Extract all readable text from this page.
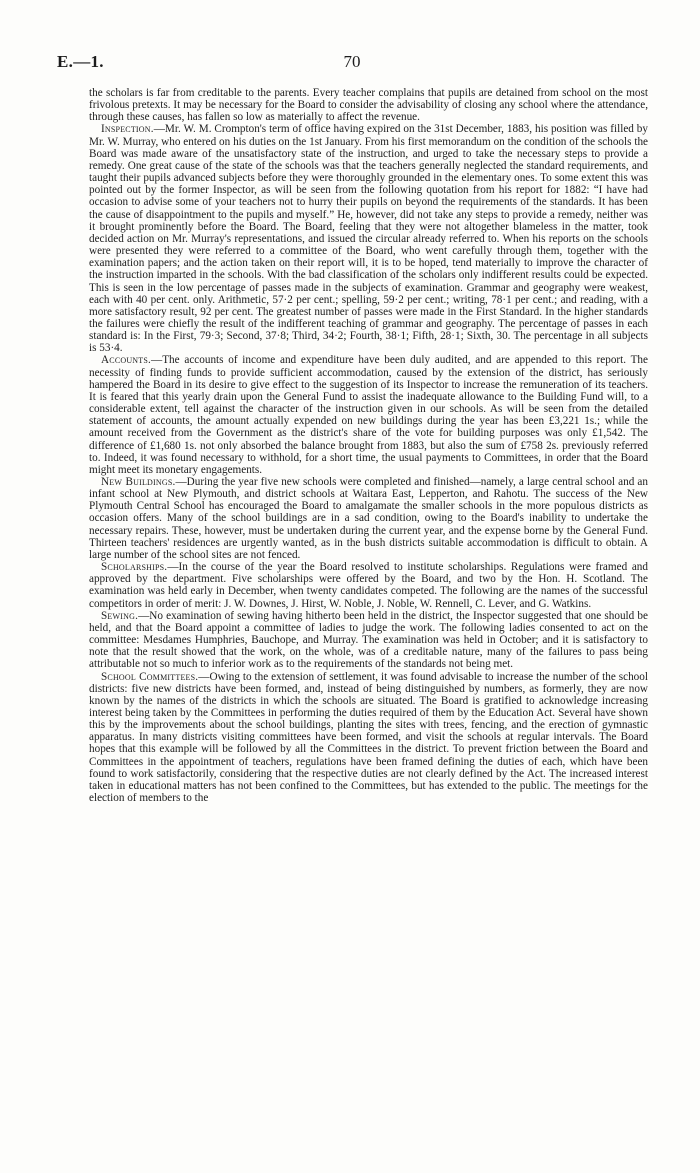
E.—1.	70

the scholars is far from creditable to the parents. Every teacher complains that pupils are detained from school on the most frivolous pretexts. It may be necessary for the Board to consider the advisability of closing any school where the attendance, through these causes, has fallen so low as materially to affect the revenue.

Inspection.—Mr. W. M. Crompton's term of office having expired on the 31st December, 1883, his position was filled by Mr. W. Murray, who entered on his duties on the 1st January. From his first memorandum on the condition of the schools the Board was made aware of the unsatisfactory state of the instruction, and urged to take the necessary steps to provide a remedy. One great cause of the state of the schools was that the teachers generally neglected the standard requirements, and taught their pupils advanced subjects before they were thoroughly grounded in the elementary ones. To some extent this was pointed out by the former Inspector, as will be seen from the following quotation from his report for 1882: “I have had occasion to advise some of your teachers not to hurry their pupils on beyond the requirements of the standards. It has been the cause of disappointment to the pupils and myself.” He, however, did not take any steps to provide a remedy, neither was it brought prominently before the Board. The Board, feeling that they were not altogether blameless in the matter, took decided action on Mr. Murray's representations, and issued the circular already referred to. When his reports on the schools were presented they were referred to a committee of the Board, who went carefully through them, together with the examination papers; and the action taken on their report will, it is to be hoped, tend materially to improve the character of the instruction imparted in the schools. With the bad classification of the scholars only indifferent results could be expected. This is seen in the low percentage of passes made in the subjects of examination. Grammar and geography were weakest, each with 40 per cent. only. Arithmetic, 57·2 per cent.; spelling, 59·2 per cent.; writing, 78·1 per cent.; and reading, with a more satisfactory result, 92 per cent. The greatest number of passes were made in the First Standard. In the higher standards the failures were chiefly the result of the indifferent teaching of grammar and geography. The percentage of passes in each standard is: In the First, 79·3; Second, 37·8; Third, 34·2; Fourth, 38·1; Fifth, 28·1; Sixth, 30. The percentage in all subjects is 53·4.

Accounts.—The accounts of income and expenditure have been duly audited, and are appended to this report. The necessity of finding funds to provide sufficient accommodation, caused by the extension of the district, has seriously hampered the Board in its desire to give effect to the suggestion of its Inspector to increase the remuneration of its teachers. It is feared that this yearly drain upon the General Fund to assist the inadequate allowance to the Building Fund will, to a considerable extent, tell against the character of the instruction given in our schools. As will be seen from the detailed statement of accounts, the amount actually expended on new buildings during the year has been £3,221 1s.; while the amount received from the Government as the district's share of the vote for building purposes was only £1,542. The difference of £1,680 1s. not only absorbed the balance brought from 1883, but also the sum of £758 2s. previously referred to. Indeed, it was found necessary to withhold, for a short time, the usual payments to Committees, in order that the Board might meet its monetary engagements.

New Buildings.—During the year five new schools were completed and finished—namely, a large central school and an infant school at New Plymouth, and district schools at Waitara East, Lepperton, and Rahotu. The success of the New Plymouth Central School has encouraged the Board to amalgamate the smaller schools in the more populous districts as occasion offers. Many of the school buildings are in a sad condition, owing to the Board's inability to undertake the necessary repairs. These, however, must be undertaken during the current year, and the expense borne by the General Fund. Thirteen teachers' residences are urgently wanted, as in the bush districts suitable accommodation is difficult to obtain. A large number of the school sites are not fenced.

Scholarships.—In the course of the year the Board resolved to institute scholarships. Regulations were framed and approved by the department. Five scholarships were offered by the Board, and two by the Hon. H. Scotland. The examination was held early in December, when twenty candidates competed. The following are the names of the successful competitors in order of merit: J. W. Downes, J. Hirst, W. Noble, J. Noble, W. Rennell, C. Lever, and G. Watkins.

Sewing.—No examination of sewing having hitherto been held in the district, the Inspector suggested that one should be held, and that the Board appoint a committee of ladies to judge the work. The following ladies consented to act on the committee: Mesdames Humphries, Bauchope, and Murray. The examination was held in October; and it is satisfactory to note that the result showed that the work, on the whole, was of a creditable nature, many of the failures to pass being attributable not so much to inferior work as to the requirements of the standards not being met.

School Committees.—Owing to the extension of settlement, it was found advisable to increase the number of the school districts: five new districts have been formed, and, instead of being distinguished by numbers, as formerly, they are now known by the names of the districts in which the schools are situated. The Board is gratified to acknowledge increasing interest being taken by the Committees in performing the duties required of them by the Education Act. Several have shown this by the improvements about the school buildings, planting the sites with trees, fencing, and the erection of gymnastic apparatus. In many districts visiting committees have been formed, and visit the schools at regular intervals. The Board hopes that this example will be followed by all the Committees in the district. To prevent friction between the Board and Committees in the appointment of teachers, regulations have been framed defining the duties of each, which have been found to work satisfactorily, considering that the respective duties are not clearly defined by the Act. The increased interest taken in educational matters has not been confined to the Committees, but has extended to the public. The meetings for the election of members to the
